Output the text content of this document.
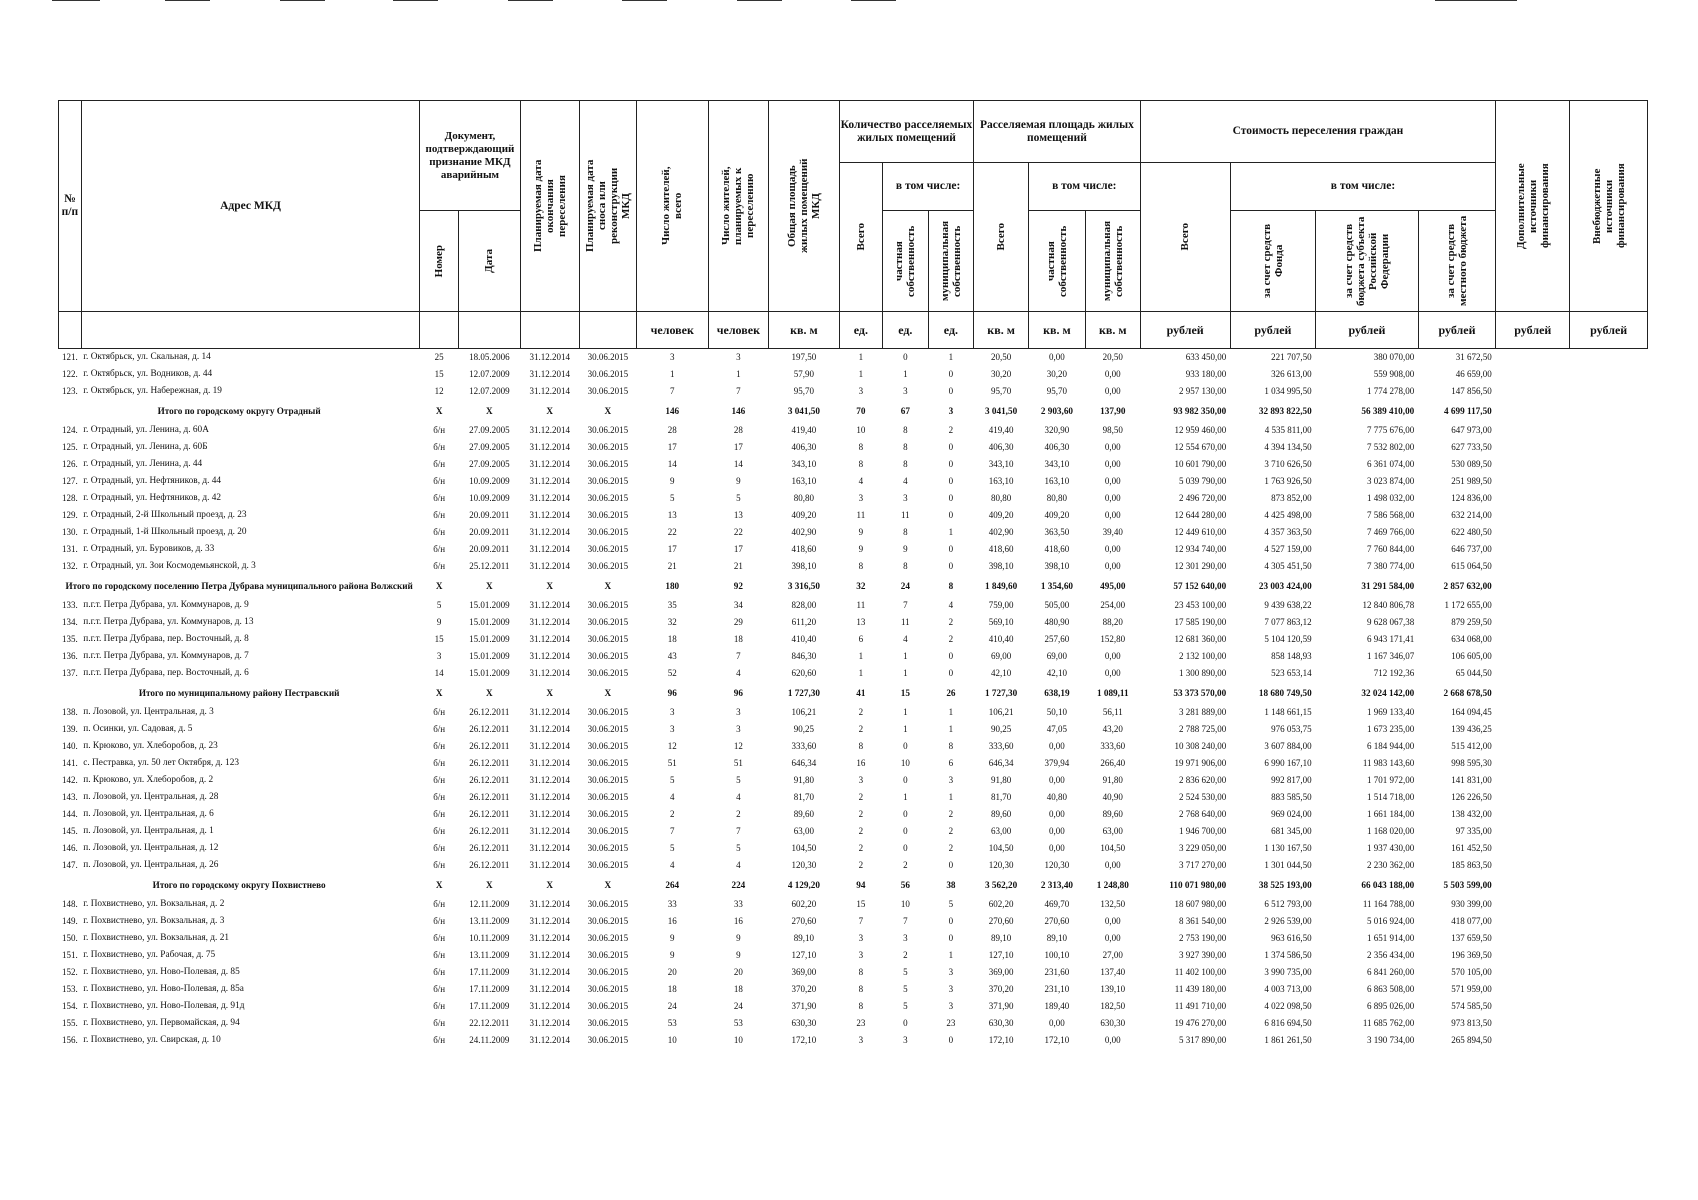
№ п/п	Адрес МКД	Документ, подтверждающий признание МКД аварийным		Планируемая дата окончания переселения	Планируемая дата сноса или реконструкции МКД	Число жителей, всего	Число жителей, планируемых к переселению	Общая площадь жилых помещений МКД	Количество расселяемых жилых помещений			Расселяемая площадь жилых помещений			Стоимость переселения граждан				Дополнительные источники финансирования	Внебюджетные источники финансирования

									Всего	в том числе:		Всего	в том числе:		Всего	в том числе:				

		Номер	Дата							частная собственность	муниципальная собственность		частная собственность	муниципальная собственность		за счет средств Фонда	за счет средств бюджета субъекта Российской Федерации	за счет средств местного бюджета		

						человек	человек	кв. м	ед.	ед.	ед.	кв. м	кв. м	кв. м	рублей	рублей	рублей	рублей	рублей	рублей
121.	г. Октябрьск, ул. Скальная, д. 14	25	18.05.2006	31.12.2014	30.06.2015	3	3	197,50	1	0	1	20,50	0,00	20,50	633 450,00	221 707,50	380 070,00	31 672,50		
122.	г. Октябрьск, ул. Водников, д. 44	15	12.07.2009	31.12.2014	30.06.2015	1	1	57,90	1	1	0	30,20	30,20	0,00	933 180,00	326 613,00	559 908,00	46 659,00		
123.	г. Октябрьск, ул. Набережная, д. 19	12	12.07.2009	31.12.2014	30.06.2015	7	7	95,70	3	3	0	95,70	95,70	0,00	2 957 130,00	1 034 995,50	1 774 278,00	147 856,50		
Итого по городскому округу Отрадный		X	X	X	X	146	146	3 041,50	70	67	3	3 041,50	2 903,60	137,90	93 982 350,00	32 893 822,50	56 389 410,00	4 699 117,50		
124.	г. Отрадный, ул. Ленина, д. 60А	б/н	27.09.2005	31.12.2014	30.06.2015	28	28	419,40	10	8	2	419,40	320,90	98,50	12 959 460,00	4 535 811,00	7 775 676,00	647 973,00		
125.	г. Отрадный, ул. Ленина, д. 60Б	б/н	27.09.2005	31.12.2014	30.06.2015	17	17	406,30	8	8	0	406,30	406,30	0,00	12 554 670,00	4 394 134,50	7 532 802,00	627 733,50		
126.	г. Отрадный, ул. Ленина, д. 44	б/н	27.09.2005	31.12.2014	30.06.2015	14	14	343,10	8	8	0	343,10	343,10	0,00	10 601 790,00	3 710 626,50	6 361 074,00	530 089,50		
127.	г. Отрадный, ул. Нефтяников, д. 44	б/н	10.09.2009	31.12.2014	30.06.2015	9	9	163,10	4	4	0	163,10	163,10	0,00	5 039 790,00	1 763 926,50	3 023 874,00	251 989,50		
128.	г. Отрадный, ул. Нефтяников, д. 42	б/н	10.09.2009	31.12.2014	30.06.2015	5	5	80,80	3	3	0	80,80	80,80	0,00	2 496 720,00	873 852,00	1 498 032,00	124 836,00		
129.	г. Отрадный, 2-й Школьный проезд, д. 23	б/н	20.09.2011	31.12.2014	30.06.2015	13	13	409,20	11	11	0	409,20	409,20	0,00	12 644 280,00	4 425 498,00	7 586 568,00	632 214,00		
130.	г. Отрадный, 1-й Школьный проезд, д. 20	б/н	20.09.2011	31.12.2014	30.06.2015	22	22	402,90	9	8	1	402,90	363,50	39,40	12 449 610,00	4 357 363,50	7 469 766,00	622 480,50		
131.	г. Отрадный, ул. Буровиков, д. 33	б/н	20.09.2011	31.12.2014	30.06.2015	17	17	418,60	9	9	0	418,60	418,60	0,00	12 934 740,00	4 527 159,00	7 760 844,00	646 737,00		
132.	г. Отрадный, ул. Зои Космодемьянской, д. 3	б/н	25.12.2011	31.12.2014	30.06.2015	21	21	398,10	8	8	0	398,10	398,10	0,00	12 301 290,00	4 305 451,50	7 380 774,00	615 064,50		
Итого по городскому поселению Петра Дубрава муниципального района Волжский		X	X	X	X	180	92	3 316,50	32	24	8	1 849,60	1 354,60	495,00	57 152 640,00	23 003 424,00	31 291 584,00	2 857 632,00		
133.	п.г.т. Петра Дубрава, ул. Коммунаров, д. 9	5	15.01.2009	31.12.2014	30.06.2015	35	34	828,00	11	7	4	759,00	505,00	254,00	23 453 100,00	9 439 638,22	12 840 806,78	1 172 655,00		
134.	п.г.т. Петра Дубрава, ул. Коммунаров, д. 13	9	15.01.2009	31.12.2014	30.06.2015	32	29	611,20	13	11	2	569,10	480,90	88,20	17 585 190,00	7 077 863,12	9 628 067,38	879 259,50		
135.	п.г.т. Петра Дубрава, пер. Восточный, д. 8	15	15.01.2009	31.12.2014	30.06.2015	18	18	410,40	6	4	2	410,40	257,60	152,80	12 681 360,00	5 104 120,59	6 943 171,41	634 068,00		
136.	п.г.т. Петра Дубрава, ул. Коммунаров, д. 7	3	15.01.2009	31.12.2014	30.06.2015	43	7	846,30	1	1	0	69,00	69,00	0,00	2 132 100,00	858 148,93	1 167 346,07	106 605,00		
137.	п.г.т. Петра Дубрава, пер. Восточный, д. 6	14	15.01.2009	31.12.2014	30.06.2015	52	4	620,60	1	1	0	42,10	42,10	0,00	1 300 890,00	523 653,14	712 192,36	65 044,50		
Итого по муниципальному району Пестравский		X	X	X	X	96	96	1 727,30	41	15	26	1 727,30	638,19	1 089,11	53 373 570,00	18 680 749,50	32 024 142,00	2 668 678,50		
138.	п. Лозовой, ул. Центральная, д. 3	б/н	26.12.2011	31.12.2014	30.06.2015	3	3	106,21	2	1	1	106,21	50,10	56,11	3 281 889,00	1 148 661,15	1 969 133,40	164 094,45		
139.	п. Осинки, ул. Садовая, д. 5	б/н	26.12.2011	31.12.2014	30.06.2015	3	3	90,25	2	1	1	90,25	47,05	43,20	2 788 725,00	976 053,75	1 673 235,00	139 436,25		
140.	п. Крюково, ул. Хлеборобов, д. 23	б/н	26.12.2011	31.12.2014	30.06.2015	12	12	333,60	8	0	8	333,60	0,00	333,60	10 308 240,00	3 607 884,00	6 184 944,00	515 412,00		
141.	с. Пестравка, ул. 50 лет Октября, д. 123	б/н	26.12.2011	31.12.2014	30.06.2015	51	51	646,34	16	10	6	646,34	379,94	266,40	19 971 906,00	6 990 167,10	11 983 143,60	998 595,30		
142.	п. Крюково, ул. Хлеборобов, д. 2	б/н	26.12.2011	31.12.2014	30.06.2015	5	5	91,80	3	0	3	91,80	0,00	91,80	2 836 620,00	992 817,00	1 701 972,00	141 831,00		
143.	п. Лозовой, ул. Центральная, д. 28	б/н	26.12.2011	31.12.2014	30.06.2015	4	4	81,70	2	1	1	81,70	40,80	40,90	2 524 530,00	883 585,50	1 514 718,00	126 226,50		
144.	п. Лозовой, ул. Центральная, д. 6	б/н	26.12.2011	31.12.2014	30.06.2015	2	2	89,60	2	0	2	89,60	0,00	89,60	2 768 640,00	969 024,00	1 661 184,00	138 432,00		
145.	п. Лозовой, ул. Центральная, д. 1	б/н	26.12.2011	31.12.2014	30.06.2015	7	7	63,00	2	0	2	63,00	0,00	63,00	1 946 700,00	681 345,00	1 168 020,00	97 335,00		
146.	п. Лозовой, ул. Центральная, д. 12	б/н	26.12.2011	31.12.2014	30.06.2015	5	5	104,50	2	0	2	104,50	0,00	104,50	3 229 050,00	1 130 167,50	1 937 430,00	161 452,50		
147.	п. Лозовой, ул. Центральная, д. 26	б/н	26.12.2011	31.12.2014	30.06.2015	4	4	120,30	2	2	0	120,30	120,30	0,00	3 717 270,00	1 301 044,50	2 230 362,00	185 863,50		
Итого по городскому округу Похвистнево		X	X	X	X	264	224	4 129,20	94	56	38	3 562,20	2 313,40	1 248,80	110 071 980,00	38 525 193,00	66 043 188,00	5 503 599,00		
148.	г. Похвистнево, ул. Вокзальная, д. 2	б/н	12.11.2009	31.12.2014	30.06.2015	33	33	602,20	15	10	5	602,20	469,70	132,50	18 607 980,00	6 512 793,00	11 164 788,00	930 399,00		
149.	г. Похвистнево, ул. Вокзальная, д. 3	б/н	13.11.2009	31.12.2014	30.06.2015	16	16	270,60	7	7	0	270,60	270,60	0,00	8 361 540,00	2 926 539,00	5 016 924,00	418 077,00		
150.	г. Похвистнево, ул. Вокзальная, д. 21	б/н	10.11.2009	31.12.2014	30.06.2015	9	9	89,10	3	3	0	89,10	89,10	0,00	2 753 190,00	963 616,50	1 651 914,00	137 659,50		
151.	г. Похвистнево, ул. Рабочая, д. 75	б/н	13.11.2009	31.12.2014	30.06.2015	9	9	127,10	3	2	1	127,10	100,10	27,00	3 927 390,00	1 374 586,50	2 356 434,00	196 369,50		
152.	г. Похвистнево, ул. Ново-Полевая, д. 85	б/н	17.11.2009	31.12.2014	30.06.2015	20	20	369,00	8	5	3	369,00	231,60	137,40	11 402 100,00	3 990 735,00	6 841 260,00	570 105,00		
153.	г. Похвистнево, ул. Ново-Полевая, д. 85а	б/н	17.11.2009	31.12.2014	30.06.2015	18	18	370,20	8	5	3	370,20	231,10	139,10	11 439 180,00	4 003 713,00	6 863 508,00	571 959,00		
154.	г. Похвистнево, ул. Ново-Полевая, д. 91д	б/н	17.11.2009	31.12.2014	30.06.2015	24	24	371,90	8	5	3	371,90	189,40	182,50	11 491 710,00	4 022 098,50	6 895 026,00	574 585,50		
155.	г. Похвистнево, ул. Первомайская, д. 94	б/н	22.12.2011	31.12.2014	30.06.2015	53	53	630,30	23	0	23	630,30	0,00	630,30	19 476 270,00	6 816 694,50	11 685 762,00	973 813,50		
156.	г. Похвистнево, ул. Свирская, д. 10	б/н	24.11.2009	31.12.2014	30.06.2015	10	10	172,10	3	3	0	172,10	172,10	0,00	5 317 890,00	1 861 261,50	3 190 734,00	265 894,50		
